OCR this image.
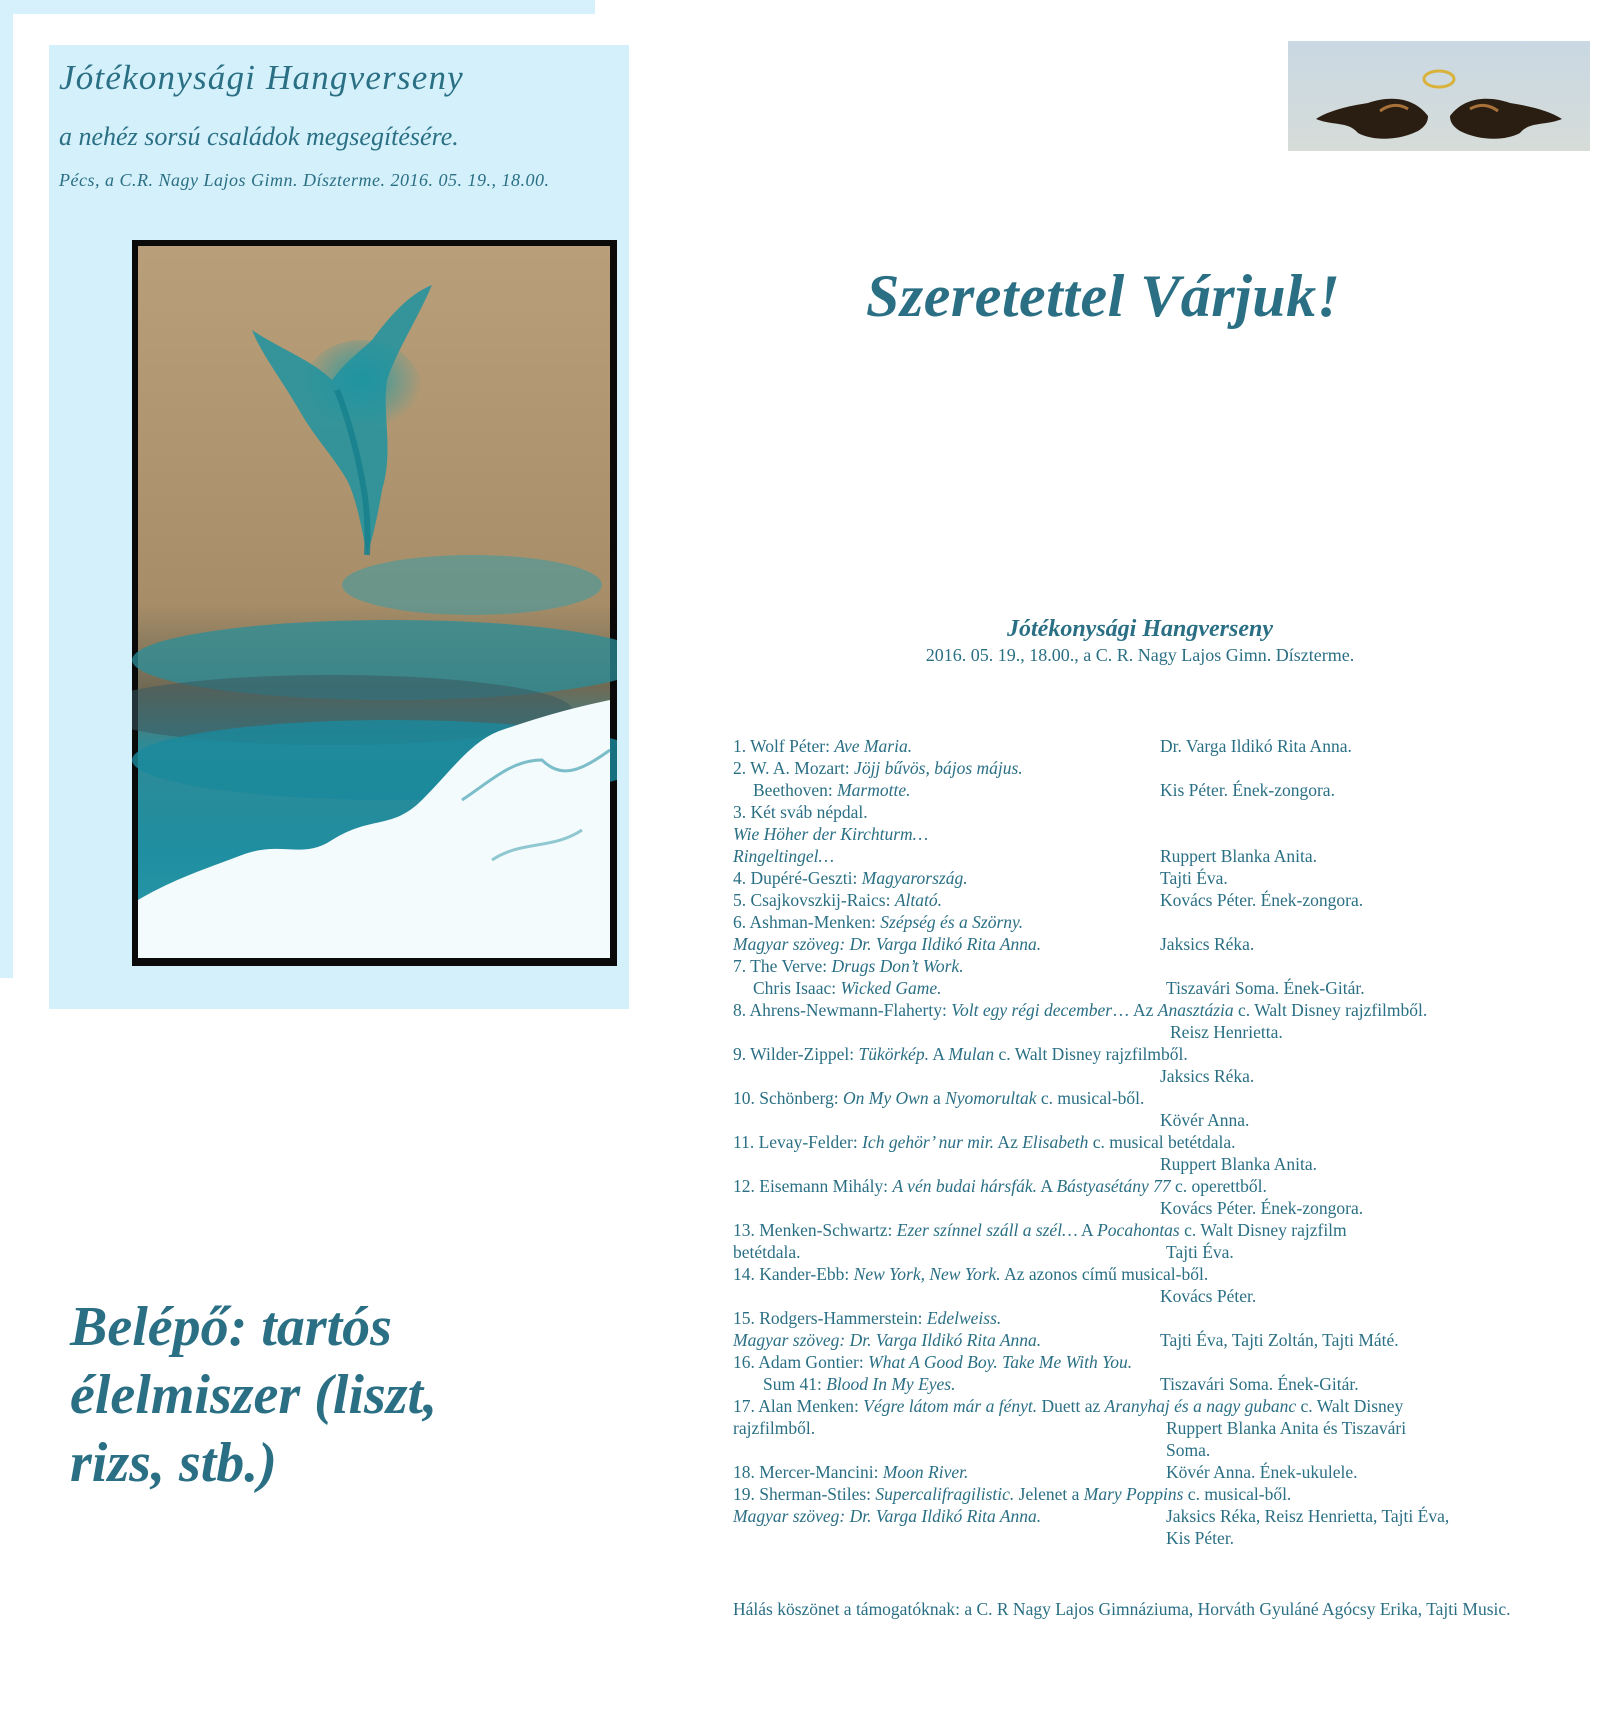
Jótékonysági Hangverseny
a nehéz sorsú családok megsegítésére.
Pécs, a C.R. Nagy Lajos Gimn. Díszterme. 2016. 05. 19., 18.00.
Belépő: tartós élelmiszer (liszt, rizs, stb.)
Szeretettel Várjuk!
Jótékonysági Hangverseny
2016. 05. 19., 18.00., a C. R. Nagy Lajos Gimn. Díszterme.
1. Wolf Péter: Ave Maria.	Dr. Varga Ildikó Rita Anna.
2. W. A. Mozart: Jöjj bűvös, bájos május.
Beethoven: Marmotte.	Kis Péter. Ének-zongora.
3. Két sváb népdal.
Wie Höher der Kirchturm…
Ringeltingel…	Ruppert Blanka Anita.
4. Dupéré-Geszti: Magyarország.	Tajti Éva.
5. Csajkovszkij-Raics: Altató.	Kovács Péter. Ének-zongora.
6. Ashman-Menken: Szépség és a Szörny.
Magyar szöveg: Dr. Varga Ildikó Rita Anna.	Jaksics Réka.
7. The Verve: Drugs Don’t Work.
Chris Isaac: Wicked Game.	Tiszavári Soma. Ének-Gitár.
8. Ahrens-Newmann-Flaherty: Volt egy régi december… Az Anasztázia c. Walt Disney rajzfilmből.
Reisz Henrietta.
9. Wilder-Zippel: Tükörkép. A Mulan c. Walt Disney rajzfilmből.
Jaksics Réka.
10. Schönberg: On My Own a Nyomorultak c. musical-ből.
Kövér Anna.
11. Levay-Felder: Ich gehör’ nur mir. Az Elisabeth c. musical betétdala.
Ruppert Blanka Anita.
12. Eisemann Mihály: A vén budai hársfák. A Bástyasétány 77 c. operettből.
Kovács Péter. Ének-zongora.
13. Menken-Schwartz: Ezer színnel száll a szél… A Pocahontas c. Walt Disney rajzfilm
betétdala.	Tajti Éva.
14. Kander-Ebb: New York, New York. Az azonos című musical-ből.
Kovács Péter.
15. Rodgers-Hammerstein: Edelweiss.
Magyar szöveg: Dr. Varga Ildikó Rita Anna.	Tajti Éva, Tajti Zoltán, Tajti Máté.
16. Adam Gontier: What A Good Boy. Take Me With You.
Sum 41: Blood In My Eyes.	Tiszavári Soma. Ének-Gitár.
17. Alan Menken: Végre látom már a fényt. Duett az Aranyhaj és a nagy gubanc c. Walt Disney
rajzfilmből.	Ruppert Blanka Anita és Tiszavári
Soma.
18. Mercer-Mancini: Moon River.	Kövér Anna. Ének-ukulele.
19. Sherman-Stiles: Supercalifragilistic. Jelenet a Mary Poppins c. musical-ből.
Magyar szöveg: Dr. Varga Ildikó Rita Anna.	Jaksics Réka, Reisz Henrietta, Tajti Éva,
Kis Péter.
Hálás köszönet a támogatóknak: a C. R Nagy Lajos Gimnáziuma, Horváth Gyuláné Agócsy Erika, Tajti Music.
